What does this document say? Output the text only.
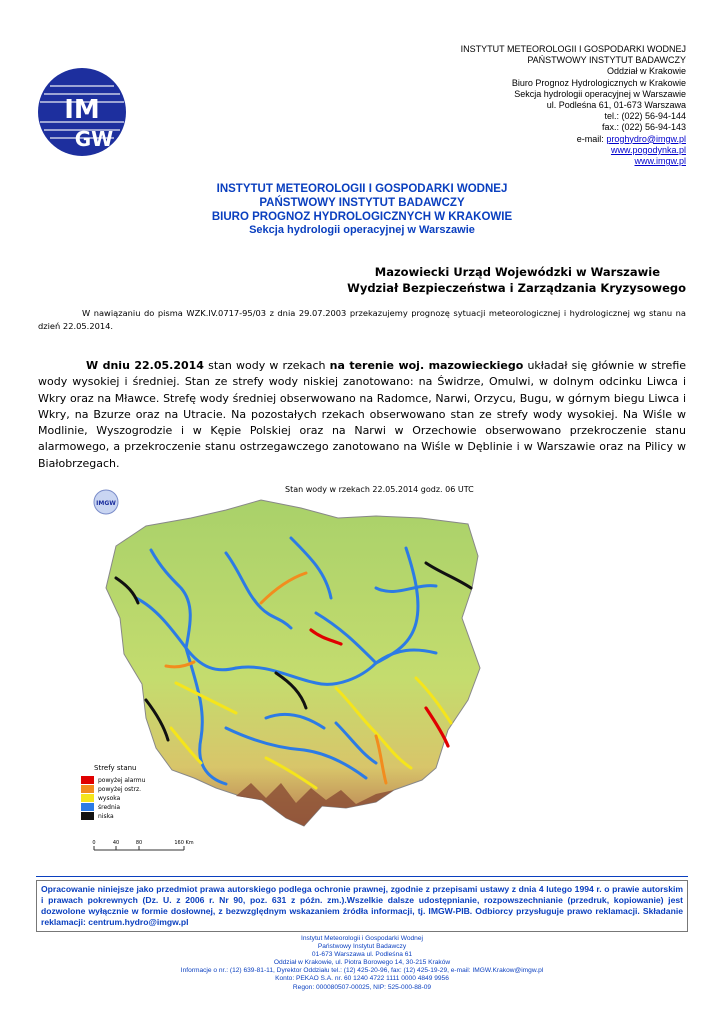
IM
GW
INSTYTUT METEOROLOGII I GOSPODARKI WODNEJ
PAŃSTWOWY INSTYTUT BADAWCZY
Oddział w Krakowie
Biuro Prognoz Hydrologicznych w Krakowie
Sekcja hydrologii operacyjnej w Warszawie
ul. Podleśna 61, 01-673 Warszawa
tel.: (022) 56-94-144
fax.: (022) 56-94-143
e-mail: proghydro@imgw.pl
www.pogodynka.pl
www.imgw.pl
INSTYTUT METEOROLOGII I GOSPODARKI WODNEJ
PAŃSTWOWY INSTYTUT BADAWCZY
BIURO PROGNOZ HYDROLOGICZNYCH W KRAKOWIE
Sekcja hydrologii operacyjnej w Warszawie
Mazowiecki Urząd Wojewódzki w Warszawie
Wydział Bezpieczeństwa i Zarządzania Kryzysowego
W nawiązaniu do pisma WZK.IV.0717-95/03 z dnia 29.07.2003 przekazujemy prognozę sytuacji meteorologicznej i hydrologicznej wg stanu na dzień 22.05.2014.
W dniu 22.05.2014 stan wody w rzekach na terenie woj. mazowieckiego układał się głównie w strefie wody wysokiej i średniej. Stan ze strefy wody niskiej zanotowano: na Świdrze, Omulwi, w dolnym odcinku Liwca i Wkry oraz na Mławce. Strefę wody średniej obserwowano na Radomce, Narwi, Orzycu, Bugu, w górnym biegu Liwca i Wkry, na Bzurze oraz na Utracie. Na pozostałych rzekach obserwowano stan ze strefy wody wysokiej. Na Wiśle w Modlinie, Wyszogrodzie i w Kępie Polskiej oraz na Narwi w Orzechowie obserwowano przekroczenie stanu alarmowego, a przekroczenie stanu ostrzegawczego zanotowano na Wiśle w Dęblinie i w Warszawie oraz na Pilicy w Białobrzegach.
IMGW
Strefy stanu
powyżej alarmu
powyżej ostrz.
wysoka
średnia
niska
0	40	80	160 Km
Stan wody w rzekach 22.05.2014 godz. 06 UTC
Opracowanie niniejsze jako przedmiot prawa autorskiego podlega ochronie prawnej, zgodnie z przepisami ustawy z dnia 4 lutego 1994 r. o prawie autorskim i prawach pokrewnych (Dz. U. z 2006 r. Nr 90, poz. 631 z późn. zm.).Wszelkie dalsze udostępnianie, rozpowszechnianie (przedruk, kopiowanie) jest dozwolone wyłącznie w formie dosłownej, z bezwzględnym wskazaniem źródła informacji, tj. IMGW-PIB. Odbiorcy przysługuje prawo reklamacji. Składanie reklamacji: centrum.hydro@imgw.pl
Instytut Meteorologii i Gospodarki Wodnej
Państwowy Instytut Badawczy
01-673 Warszawa ul. Podleśna 61
Oddział w Krakowie, ul. Piotra Borowego 14, 30-215 Kraków
Informacje o nr.: (12) 639-81-11, Dyrektor Oddziału tel.: (12) 425-20-96, fax: (12) 425-19-29, e-mail: IMGW.Krakow@imgw.pl
Konto: PEKAO S.A. nr. 60 1240 4722 1111 0000 4849 9956
Regon: 000080507-00025, NIP: 525-000-88-09
